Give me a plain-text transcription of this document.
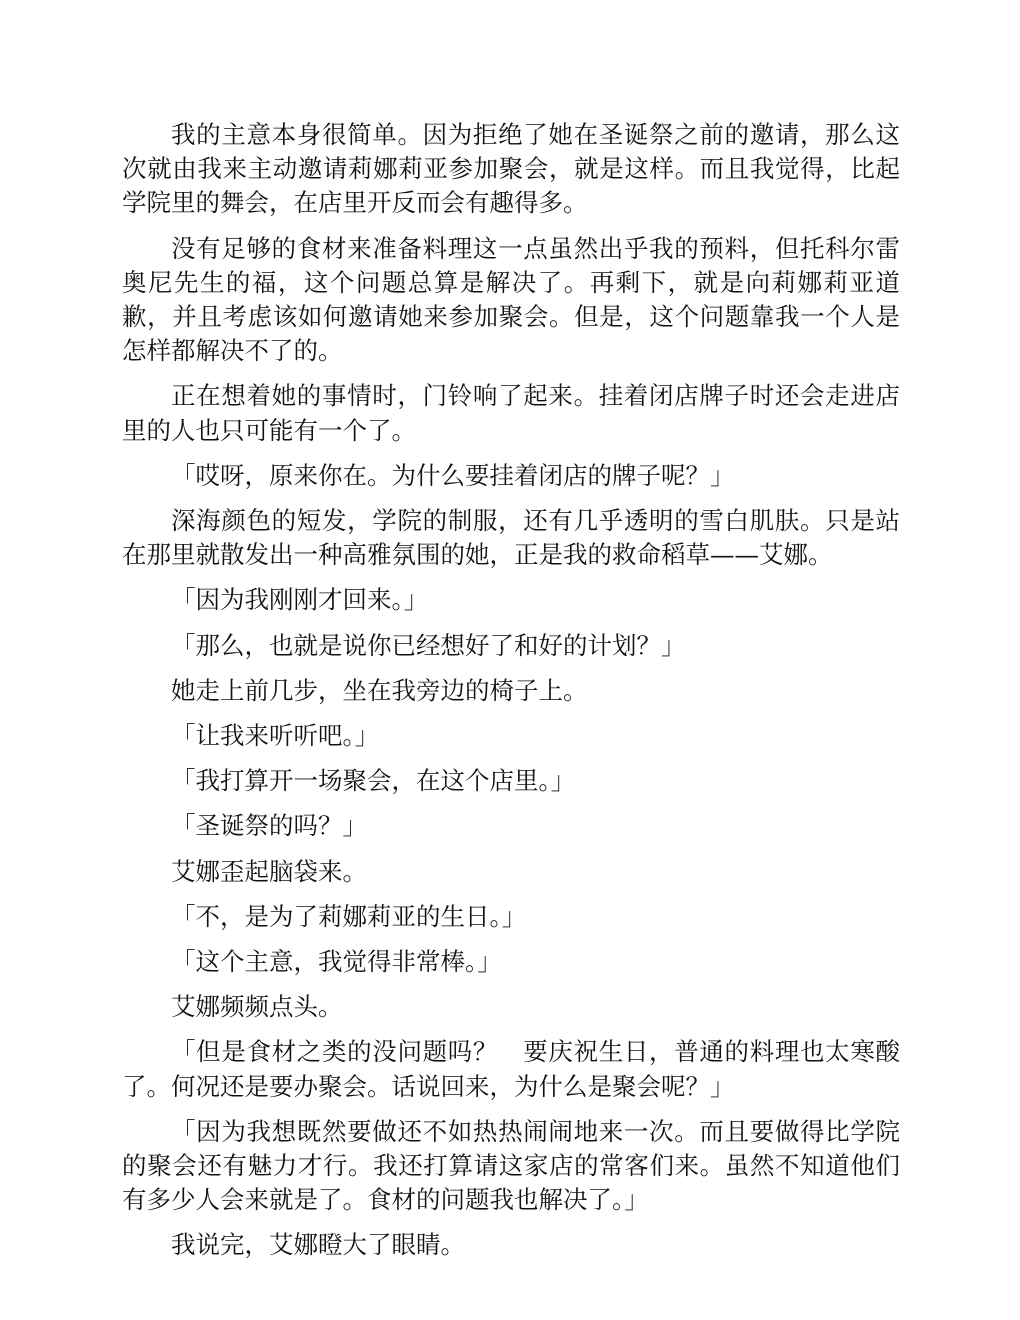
我的主意本身很简单。因为拒绝了她在圣诞祭之前的邀请，那么这次就由我来主动邀请莉娜莉亚参加聚会，就是这样。而且我觉得，比起学院里的舞会，在店里开反而会有趣得多。

没有足够的食材来准备料理这一点虽然出乎我的预料，但托科尔雷奥尼先生的福，这个问题总算是解决了。再剩下，就是向莉娜莉亚道歉，并且考虑该如何邀请她来参加聚会。但是，这个问题靠我一个人是怎样都解决不了的。

正在想着她的事情时，门铃响了起来。挂着闭店牌子时还会走进店里的人也只可能有一个了。

「哎呀，原来你在。为什么要挂着闭店的牌子呢？」

深海颜色的短发，学院的制服，还有几乎透明的雪白肌肤。只是站在那里就散发出一种高雅氛围的她，正是我的救命稻草——艾娜。

「因为我刚刚才回来。」

「那么，也就是说你已经想好了和好的计划？」

她走上前几步，坐在我旁边的椅子上。

「让我来听听吧。」

「我打算开一场聚会，在这个店里。」

「圣诞祭的吗？」

艾娜歪起脑袋来。

「不，是为了莉娜莉亚的生日。」

「这个主意，我觉得非常棒。」

艾娜频频点头。

「但是食材之类的没问题吗？　要庆祝生日，普通的料理也太寒酸了。何况还是要办聚会。话说回来，为什么是聚会呢？」

「因为我想既然要做还不如热热闹闹地来一次。而且要做得比学院的聚会还有魅力才行。我还打算请这家店的常客们来。虽然不知道他们有多少人会来就是了。食材的问题我也解决了。」

我说完，艾娜瞪大了眼睛。
